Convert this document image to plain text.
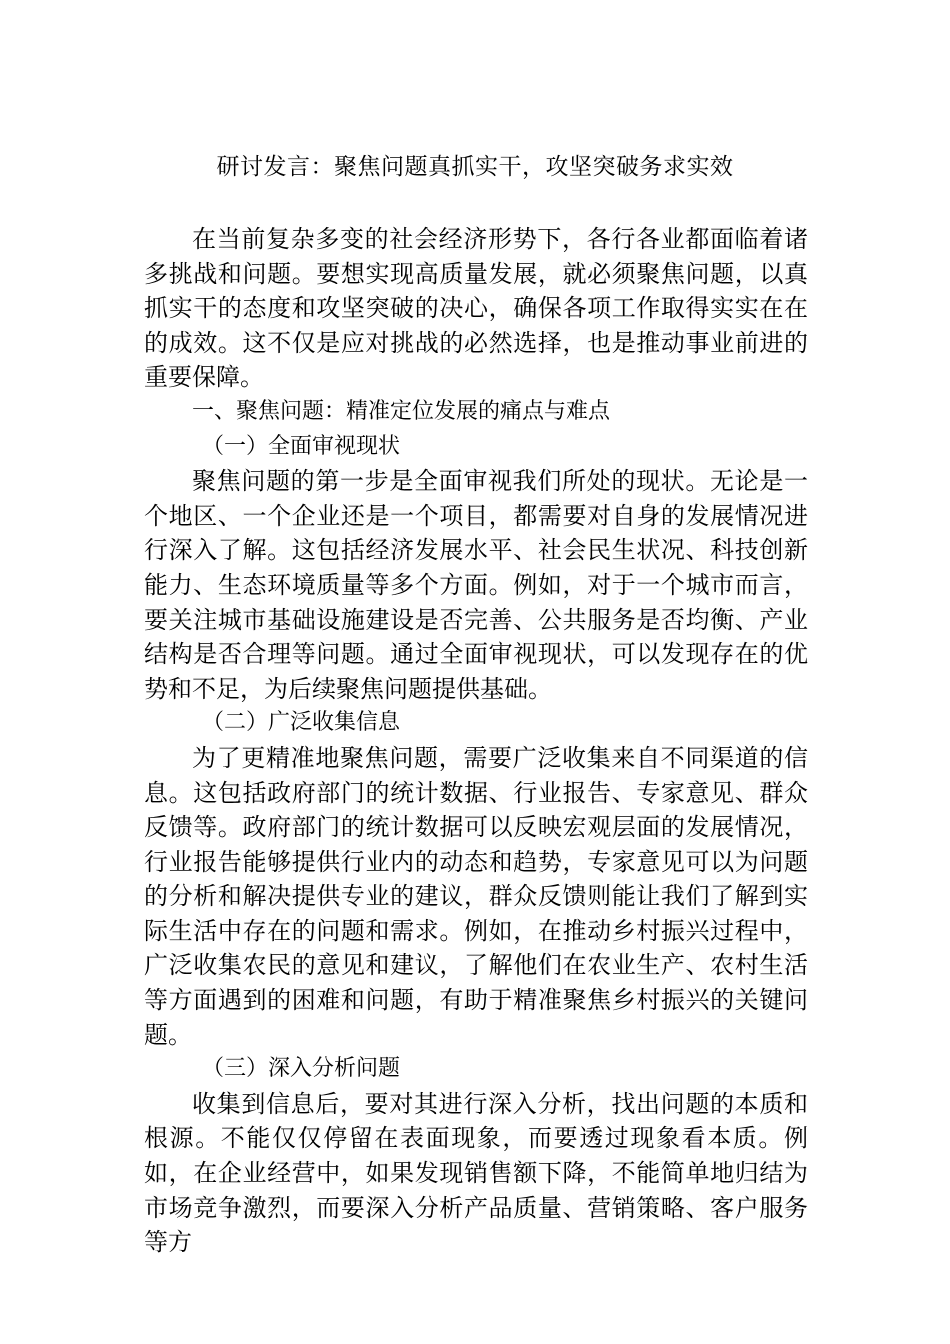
研讨发言：聚焦问题真抓实干，攻坚突破务求实效

在当前复杂多变的社会经济形势下，各行各业都面临着诸多挑战和问题。要想实现高质量发展，就必须聚焦问题，以真抓实干的态度和攻坚突破的决心，确保各项工作取得实实在在的成效。这不仅是应对挑战的必然选择，也是推动事业前进的重要保障。

一、聚焦问题：精准定位发展的痛点与难点

（一）全面审视现状

聚焦问题的第一步是全面审视我们所处的现状。无论是一个地区、一个企业还是一个项目，都需要对自身的发展情况进行深入了解。这包括经济发展水平、社会民生状况、科技创新能力、生态环境质量等多个方面。例如，对于一个城市而言，要关注城市基础设施建设是否完善、公共服务是否均衡、产业结构是否合理等问题。通过全面审视现状，可以发现存在的优势和不足，为后续聚焦问题提供基础。

（二）广泛收集信息

为了更精准地聚焦问题，需要广泛收集来自不同渠道的信息。这包括政府部门的统计数据、行业报告、专家意见、群众反馈等。政府部门的统计数据可以反映宏观层面的发展情况，行业报告能够提供行业内的动态和趋势，专家意见可以为问题的分析和解决提供专业的建议，群众反馈则能让我们了解到实际生活中存在的问题和需求。例如，在推动乡村振兴过程中，广泛收集农民的意见和建议，了解他们在农业生产、农村生活等方面遇到的困难和问题，有助于精准聚焦乡村振兴的关键问题。

（三）深入分析问题

收集到信息后，要对其进行深入分析，找出问题的本质和根源。不能仅仅停留在表面现象，而要透过现象看本质。例如，在企业经营中，如果发现销售额下降，不能简单地归结为市场竞争激烈，而要深入分析产品质量、营销策略、客户服务等方
